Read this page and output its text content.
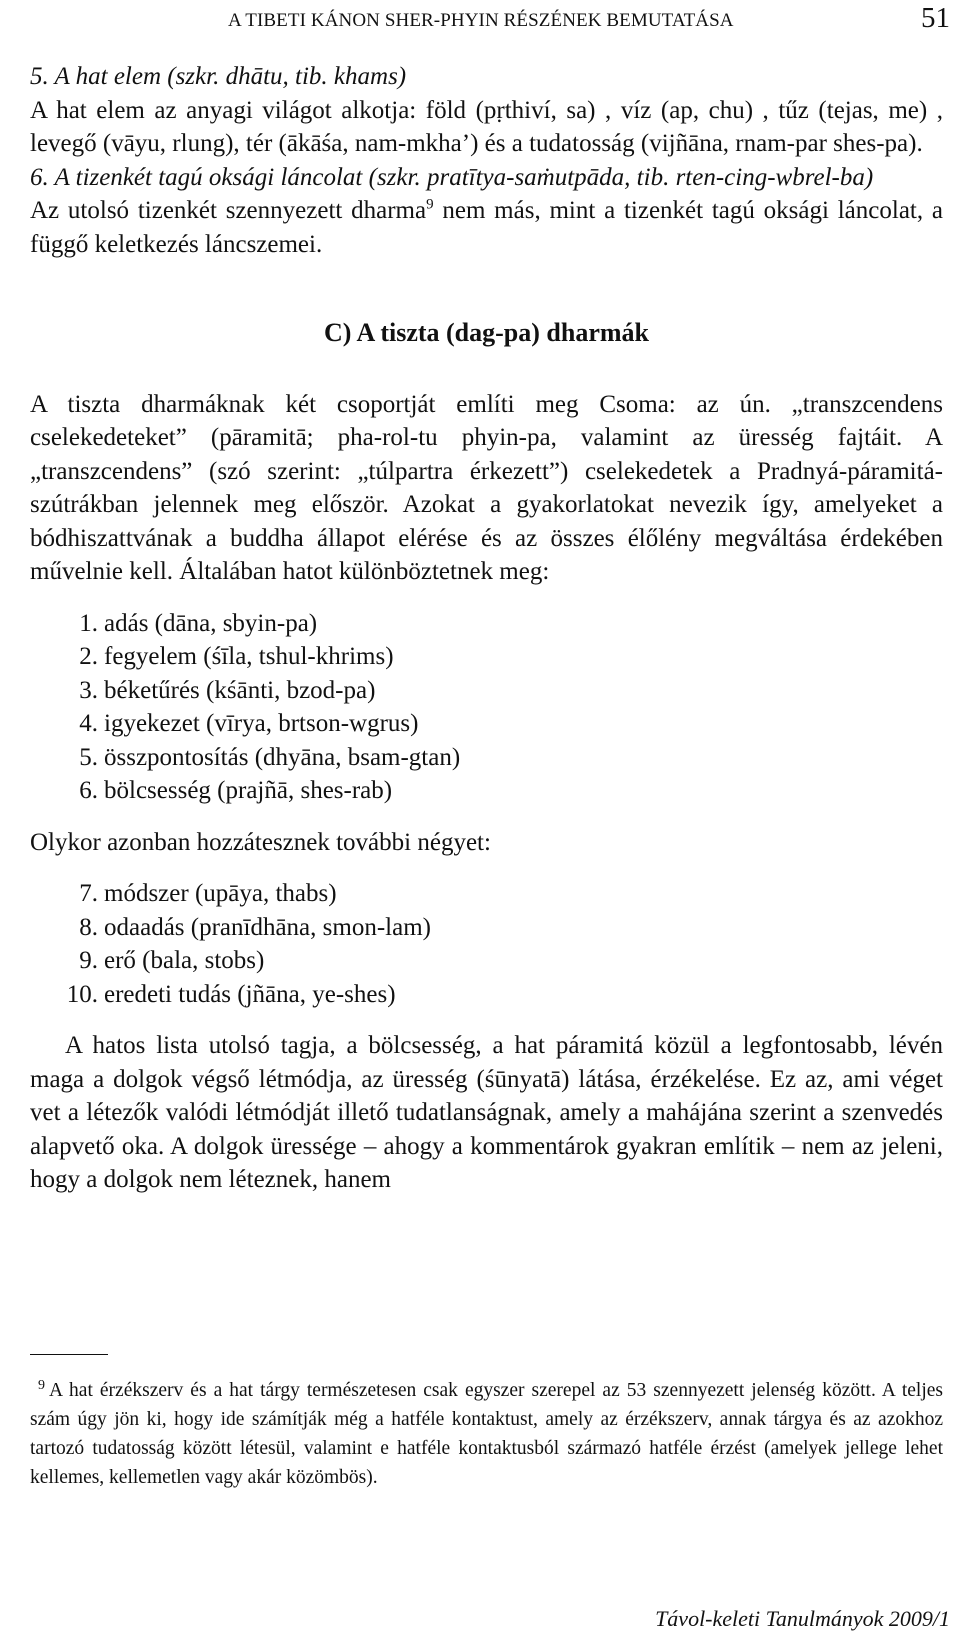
A TIBETI KÁNON SHER-PHYIN RÉSZÉNEK BEMUTATÁSA	51

5. A hat elem (szkr. dhātu, tib. khams)

A hat elem az anyagi világot alkotja: föld (pṛthiví, sa) , víz (ap, chu) , tűz (tejas, me) , levegő (vāyu, rlung), tér (ākāśa, nam-mkha’) és a tudatosság (vijñāna, rnam-par shes-pa).

6. A tizenkét tagú oksági láncolat (szkr. pratītya-saṁutpāda, tib. rten-cing-wbrel-ba)

Az utolsó tizenkét szennyezett dharma$^9$ nem más, mint a tizenkét tagú oksági láncolat, a függő keletkezés láncszemei.

C) A tiszta (dag-pa) dharmák

A tiszta dharmáknak két csoportját említi meg Csoma: az ún. „transzcendens cselekedeteket” (pāramitā; pha-rol-tu phyin-pa, valamint az üresség fajtáit. A „transzcendens” (szó szerint: „túlpartra érkezett”) cselekedetek a Pradnyá-páramitá-szútrákban jelennek meg először. Azokat a gyakorlatokat nevezik így, amelyeket a bódhiszattvának a buddha állapot elérése és az összes élőlény megváltása érdekében művelnie kell. Általában hatot különböztetnek meg:

1. adás (dāna, sbyin-pa)
2. fegyelem (śīla, tshul-khrims)
3. béketűrés (kśānti, bzod-pa)
4. igyekezet (vīrya, brtson-wgrus)
5. összpontosítás (dhyāna, bsam-gtan)
6. bölcsesség (prajñā, shes-rab)

Olykor azonban hozzátesznek további négyet:

7. módszer (upāya, thabs)
8. odaadás (pranīdhāna, smon-lam)
9. erő (bala, stobs)
10. eredeti tudás (jñāna, ye-shes)

A hatos lista utolsó tagja, a bölcsesség, a hat páramitá közül a legfontosabb, lévén maga a dolgok végső létmódja, az üresség (śūnyatā) látása, érzékelése. Ez az, ami véget vet a létezők valódi létmódját illető tudatlanságnak, amely a mahájána szerint a szenvedés alapvető oka. A dolgok üressége – ahogy a kommentárok gyakran említik – nem az jeleni, hogy a dolgok nem léteznek, hanem

$^9$ A hat érzékszerv és a hat tárgy természetesen csak egyszer szerepel az 53 szennyezett jelenség között. A teljes szám úgy jön ki, hogy ide számítják még a hatféle kontaktust, amely az érzékszerv, annak tárgya és az azokhoz tartozó tudatosság között létesül, valamint e hatféle kontaktusból származó hatféle érzést (amelyek jellege lehet kellemes, kellemetlen vagy akár közömbös).
Távol-keleti Tanulmányok 2009/1
